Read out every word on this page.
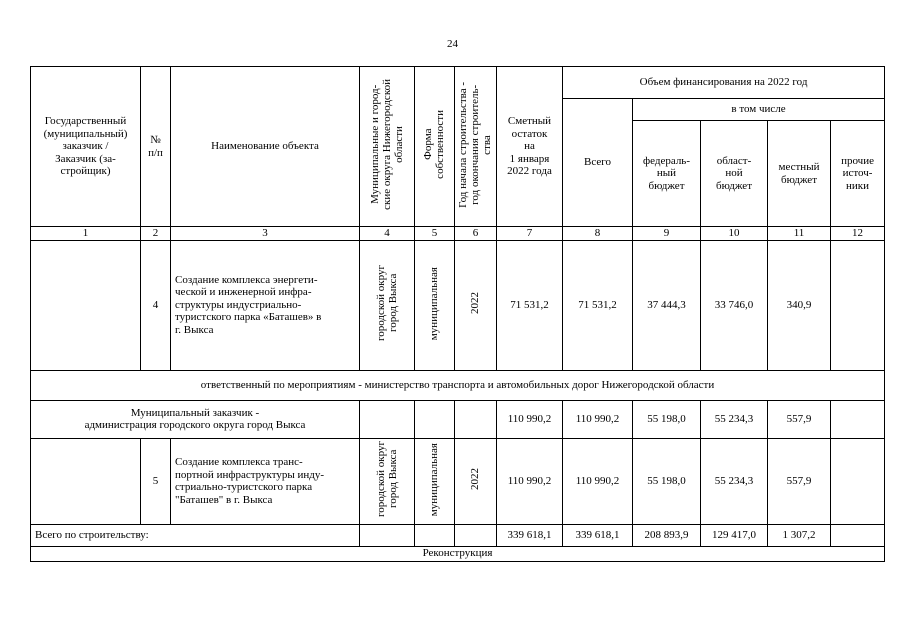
24
Государственный
(муниципальный)
заказчик /
Заказчик (за-
стройщик)	№
п/п	Наименование объекта	Муниципальные и город-
ские округа Нижегородской
области	Форма
собственности	Год начала строительства -
год окончания строитель-
ства	Сметный
остаток
на
1 января
2022 года	Объем финансирования на 2022 год				
							Всего	в том числе			
								федераль-
ный
бюджет	област-
ной
бюджет	местный
бюджет	прочие
источ-
ники
1	2	3	4	5	6	7	8	9	10	11	12
	4	Создание комплекса энергети-
ческой и инженерной инфра-
структуры индустриально-
туристского парка «Баташев» в
г. Выкса	городской округ
город Выкса	муниципальная	2022	71 531,2	71 531,2	37 444,3	33 746,0	340,9	
ответственный по мероприятиям - министерство транспорта и автомобильных дорог Нижегородской области											
Муниципальный заказчик -
администрация городского округа город Выкса						110 990,2	110 990,2	55 198,0	55 234,3	557,9	
	5	Создание комплекса транс-
портной инфраструктуры инду-
стриально-туристского парка
"Баташев" в г. Выкса	городской округ
город Выкса	муниципальная	2022	110 990,2	110 990,2	55 198,0	55 234,3	557,9	
Всего по строительству:						339 618,1	339 618,1	208 893,9	129 417,0	1 307,2	
Реконструкция											
